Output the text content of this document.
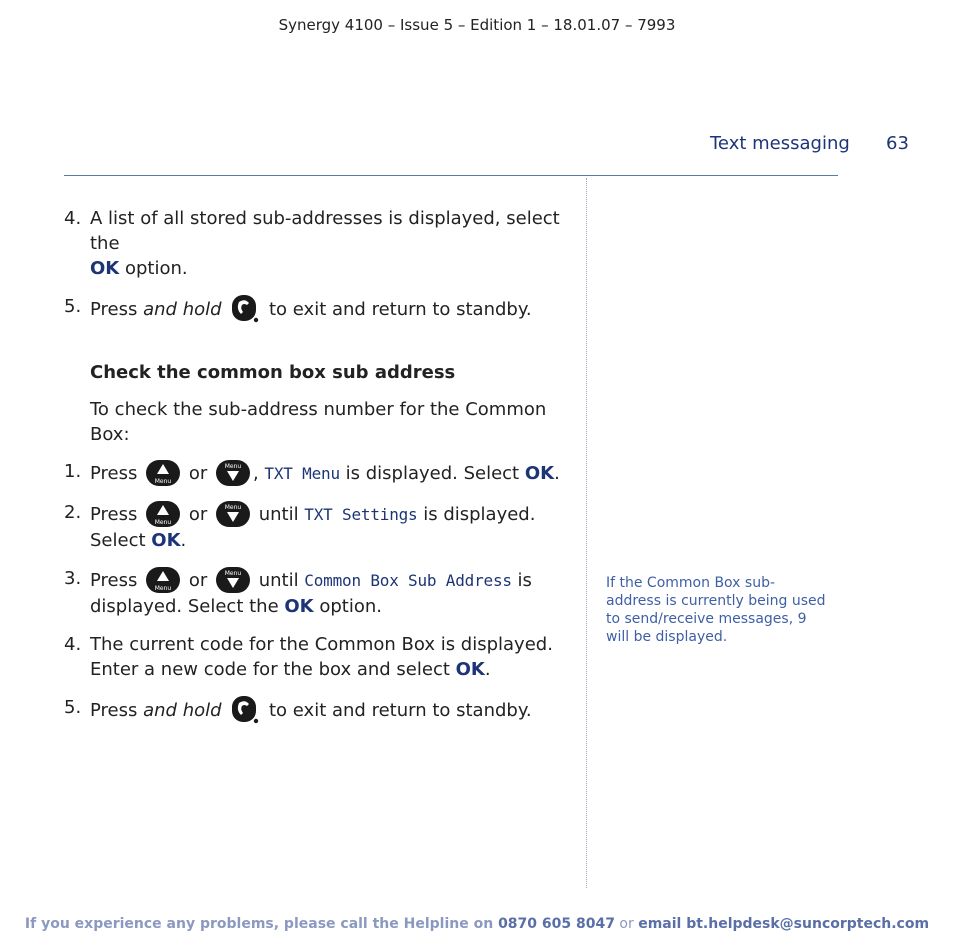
Synergy 4100 – Issue 5 – Edition 1 – 18.01.07 – 7993
Text messaging 63
4. A list of all stored sub-addresses is displayed, select the
OK option.
5. Press and hold  to exit and return to standby.
Check the common box sub address
To check the sub-address number for the Common Box:
1. Press Menu or Menu , TXT Menu is displayed. Select OK.
2. Press Menu or Menu until TXT Settings is displayed. Select OK.
3. Press Menu or Menu until Common Box Sub Address is displayed. Select the OK option.
4. The current code for the Common Box is displayed. Enter a new code for the box and select OK.
5. Press and hold  to exit and return to standby.
If the Common Box sub-address is currently being used to send/receive messages, 9 will be displayed.
If you experience any problems, please call the Helpline on 0870 605 8047 or email bt.helpdesk@suncorptech.com
